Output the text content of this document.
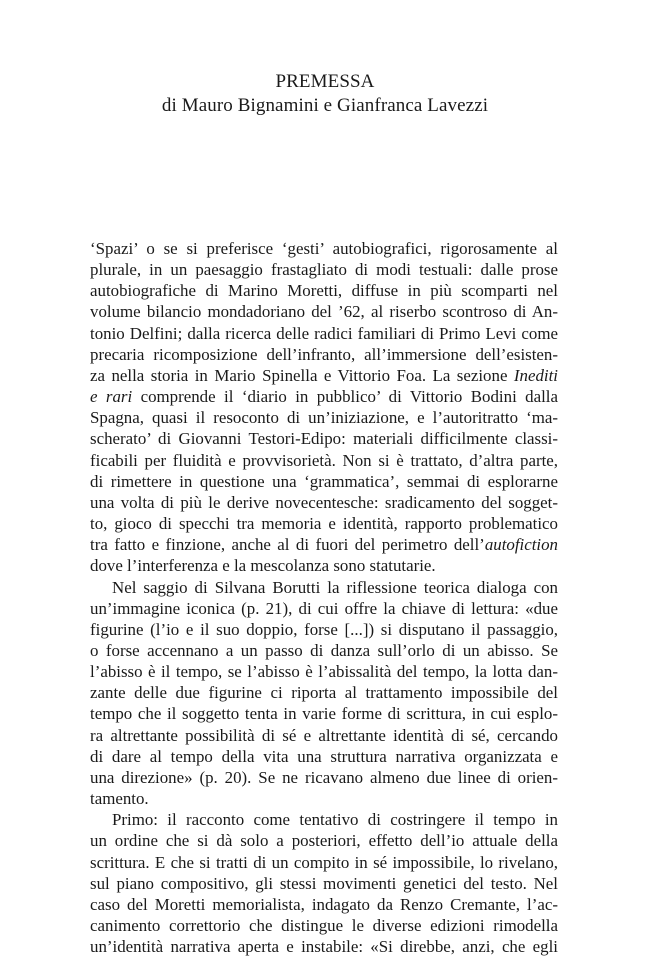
PREMESSA
di Mauro Bignamini e Gianfranca Lavezzi
‘Spazi’ o se si preferisce ‘gesti’ autobiografici, rigorosamente al
plurale, in un paesaggio frastagliato di modi testuali: dalle prose
autobiografiche di Marino Moretti, diffuse in più scomparti nel
volume bilancio mondadoriano del ’62, al riserbo scontroso di An-
tonio Delfini; dalla ricerca delle radici familiari di Primo Levi come
precaria ricomposizione dell’infranto, all’immersione dell’esisten-
za nella storia in Mario Spinella e Vittorio Foa. La sezione Inediti
e rari comprende il ‘diario in pubblico’ di Vittorio Bodini dalla
Spagna, quasi il resoconto di un’iniziazione, e l’autoritratto ‘ma-
scherato’ di Giovanni Testori-Edipo: materiali difficilmente classi-
ficabili per fluidità e provvisorietà. Non si è trattato, d’altra parte,
di rimettere in questione una ‘grammatica’, semmai di esplorarne
una volta di più le derive novecentesche: sradicamento del sogget-
to, gioco di specchi tra memoria e identità, rapporto problematico
tra fatto e finzione, anche al di fuori del perimetro dell’autofiction
dove l’interferenza e la mescolanza sono statutarie.
Nel saggio di Silvana Borutti la riflessione teorica dialoga con
un’immagine iconica (p. 21), di cui offre la chiave di lettura: «due
figurine (l’io e il suo doppio, forse [...]) si disputano il passaggio,
o forse accennano a un passo di danza sull’orlo di un abisso. Se
l’abisso è il tempo, se l’abisso è l’abissalità del tempo, la lotta dan-
zante delle due figurine ci riporta al trattamento impossibile del
tempo che il soggetto tenta in varie forme di scrittura, in cui esplo-
ra altrettante possibilità di sé e altrettante identità di sé, cercando
di dare al tempo della vita una struttura narrativa organizzata e
una direzione» (p. 20). Se ne ricavano almeno due linee di orien-
tamento.
Primo: il racconto come tentativo di costringere il tempo in
un ordine che si dà solo a posteriori, effetto dell’io attuale della
scrittura. E che si tratti di un compito in sé impossibile, lo rivelano,
sul piano compositivo, gli stessi movimenti genetici del testo. Nel
caso del Moretti memorialista, indagato da Renzo Cremante, l’ac-
canimento correttorio che distingue le diverse edizioni rimodella
un’identità narrativa aperta e instabile: «Si direbbe, anzi, che egli
